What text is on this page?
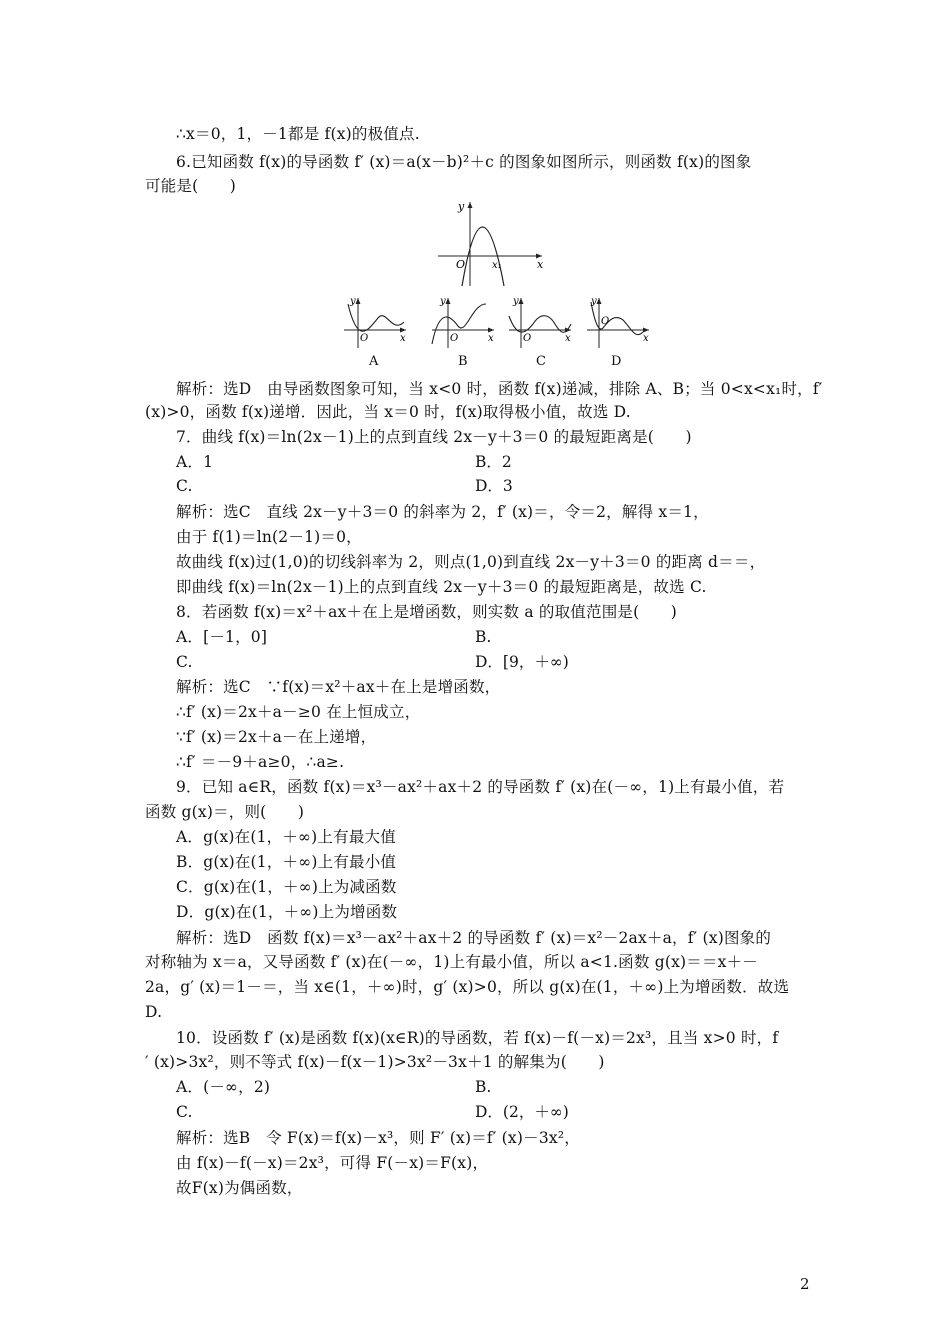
∴x＝0，1，－1都是 f(x)的极值点.
6.已知函数 f(x)的导函数 f′ (x)＝a(x－b)²＋c 的图象如图所示，则函数 f(x)的图象
可能是(　　)
y
O	x₁	x
y
O	x
y
O	x
y
O	x
y
O
x
A	B	C	D
解析：选D　由导函数图象可知，当 x<0 时，函数 f(x)递减，排除 A、B；当 0<x<x₁时，f′
(x)>0，函数 f(x)递增．因此，当 x＝0 时，f(x)取得极小值，故选 D.
7．曲线 f(x)＝ln(2x－1)上的点到直线 2x－y＋3＝0 的最短距离是(　　)
A．1	B．2
C.	D．3
解析：选C　直线 2x－y＋3＝0 的斜率为 2，f′ (x)＝，令＝2，解得 x＝1，
由于 f(1)＝ln(2－1)＝0，
故曲线 f(x)过(1,0)的切线斜率为 2，则点(1,0)到直线 2x－y＋3＝0 的距离 d＝＝，
即曲线 f(x)＝ln(2x－1)上的点到直线 2x－y＋3＝0 的最短距离是，故选 C.
8．若函数 f(x)＝x²＋ax＋在上是增函数，则实数 a 的取值范围是(　　)
A．[－1，0]	B.
C.	D．[9，＋∞)
解析：选C　∵f(x)＝x²＋ax＋在上是增函数，
∴f′ (x)＝2x＋a－≥0 在上恒成立，
∵f′ (x)＝2x＋a－在上递增，
∴f′ ＝－9＋a≥0，∴a≥.
9．已知 a∈R，函数 f(x)＝x³－ax²＋ax＋2 的导函数 f′ (x)在(－∞，1)上有最小值，若
函数 g(x)＝，则(　　)
A．g(x)在(1，＋∞)上有最大值
B．g(x)在(1，＋∞)上有最小值
C．g(x)在(1，＋∞)上为减函数
D．g(x)在(1，＋∞)上为增函数
解析：选D　函数 f(x)＝x³－ax²＋ax＋2 的导函数 f′ (x)＝x²－2ax＋a，f′ (x)图象的
对称轴为 x＝a，又导函数 f′ (x)在(－∞，1)上有最小值，所以 a<1.函数 g(x)＝＝x＋－
2a，g′ (x)＝1－＝，当 x∈(1，＋∞)时，g′ (x)>0，所以 g(x)在(1，＋∞)上为增函数．故选
D.
10．设函数 f′ (x)是函数 f(x)(x∈R)的导函数，若 f(x)－f(－x)＝2x³，且当 x>0 时，f
′ (x)>3x²，则不等式 f(x)－f(x－1)>3x²－3x＋1 的解集为(　　)
A．(－∞，2)	B.
C.	D．(2，＋∞)
解析：选B　令 F(x)＝f(x)－x³，则 F′ (x)＝f′ (x)－3x²，
由 f(x)－f(－x)＝2x³，可得 F(－x)＝F(x)，
故F(x)为偶函数，
2
